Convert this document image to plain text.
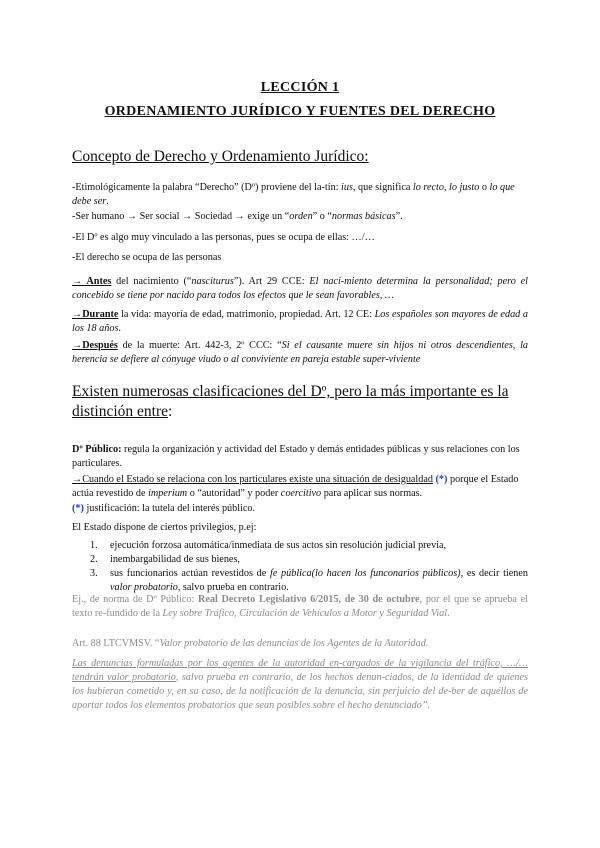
LECCIÓN 1
ORDENAMIENTO JURÍDICO Y FUENTES DEL DERECHO
Concepto de Derecho y Ordenamiento Jurídico:

-Etimológicamente la palabra “Derecho” (Dº) proviene del la-tín: ius, que significa lo recto, lo justo o lo que debe ser.

-Ser humano → Ser social → Sociedad → exige un “orden” o “normas básicas”.

-El Dº es algo muy vinculado a las personas, pues se ocupa de ellas: …/…

-El derecho se ocupa de las personas

→ Antes del nacimiento (“nasciturus”). Art 29 CCE: El naci-miento determina la personalidad; pero el concebido se tiene por nacido para todos los efectos que le sean favorables, …

→Durante la vida: mayoría de edad, matrimonio, propiedad. Art. 12 CE: Los españoles son mayores de edad a los 18 años.

→Después de la muerte: Art. 442-3, 2º CCC: “Si el causante muere sin hijos ni otros descendientes, la herencia se defiere al cónyuge viudo o al conviviente en pareja estable super-viviente

Existen numerosas clasificaciones del Dº, pero la más importante es la distinción entre:

Dº Público: regula la organización y actividad del Estado y demás entidades públicas y sus relaciones con los particulares.

→Cuando el Estado se relaciona con los particulares existe una situación de desigualdad (*) porque el Estado actúa revestido de imperium o “autoridad” y poder coercitivo para aplicar sus normas.

(*) justificación: la tutela del interés público.

El Estado dispone de ciertos privilegios, p.ej:

1. ejecución forzosa automática/inmediata de sus actos sin resolución judicial previa,
2. inembargabilidad de sus bienes,
3. sus funcionarios actúan revestidos de fe pública(lo hacen los funconarios públicos), es decir tienen valor probatorio, salvo prueba en contrario.

Ej., de norma de Dº Público: Real Decreto Legislativo 6/2015, de 30 de octubre, por el que se aprueba el texto re-fundido de la Ley sobre Tráfico, Circulación de Vehículos a Motor y Seguridad Vial.

Art. 88 LTCVMSV. “Valor probatorio de las denuncias de los Agentes de la Autoridad.

Las denuncias formuladas por los agentes de la autoridad en-cargados de la vigilancia del tráfico, …/… tendrán valor probatorio, salvo prueba en contrario, de los hechos denun-ciados, de la identidad de quienes los hubieran cometido y, en su caso, de la notificación de la denuncia, sin perjuicio del de-ber de aquéllos de aportar todos los elementos probatorios que sean posibles sobre el hecho denunciado”.
